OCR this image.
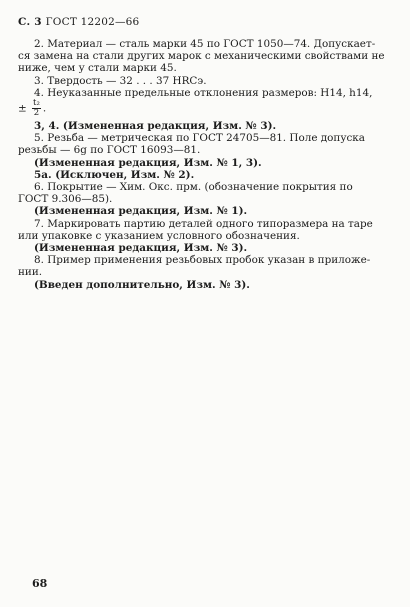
С. 3 ГОСТ 12202—66

2. Материал — сталь марки 45 по ГОСТ 1050—74. Допускает-

ся замена на стали других марок с механическими свойствами не

ниже, чем у стали марки 45.

3. Твердость — 32 . . . 37 HRCэ.

4. Неуказанные предельные отклонения размеров: Н14, h14,

± $\frac{\text{t₂}}{2}$ .

3, 4. (Измененная редакция, Изм. № 3).

5. Резьба — метрическая по ГОСТ 24705—81. Поле допуска

резьбы — 6g по ГОСТ 16093—81.

(Измененная редакция, Изм. № 1, 3).

5а. (Исключен, Изм. № 2).

6. Покрытие — Хим. Окс. прм. (обозначение покрытия по

ГОСТ 9.306—85).

(Измененная редакция, Изм. № 1).

7. Маркировать партию деталей одного типоразмера на таре

или упаковке с указанием условного обозначения.

(Измененная редакция, Изм. № 3).

8. Пример применения резьбовых пробок указан в приложе-

нии.

(Введен дополнительно, Изм. № 3).

68
